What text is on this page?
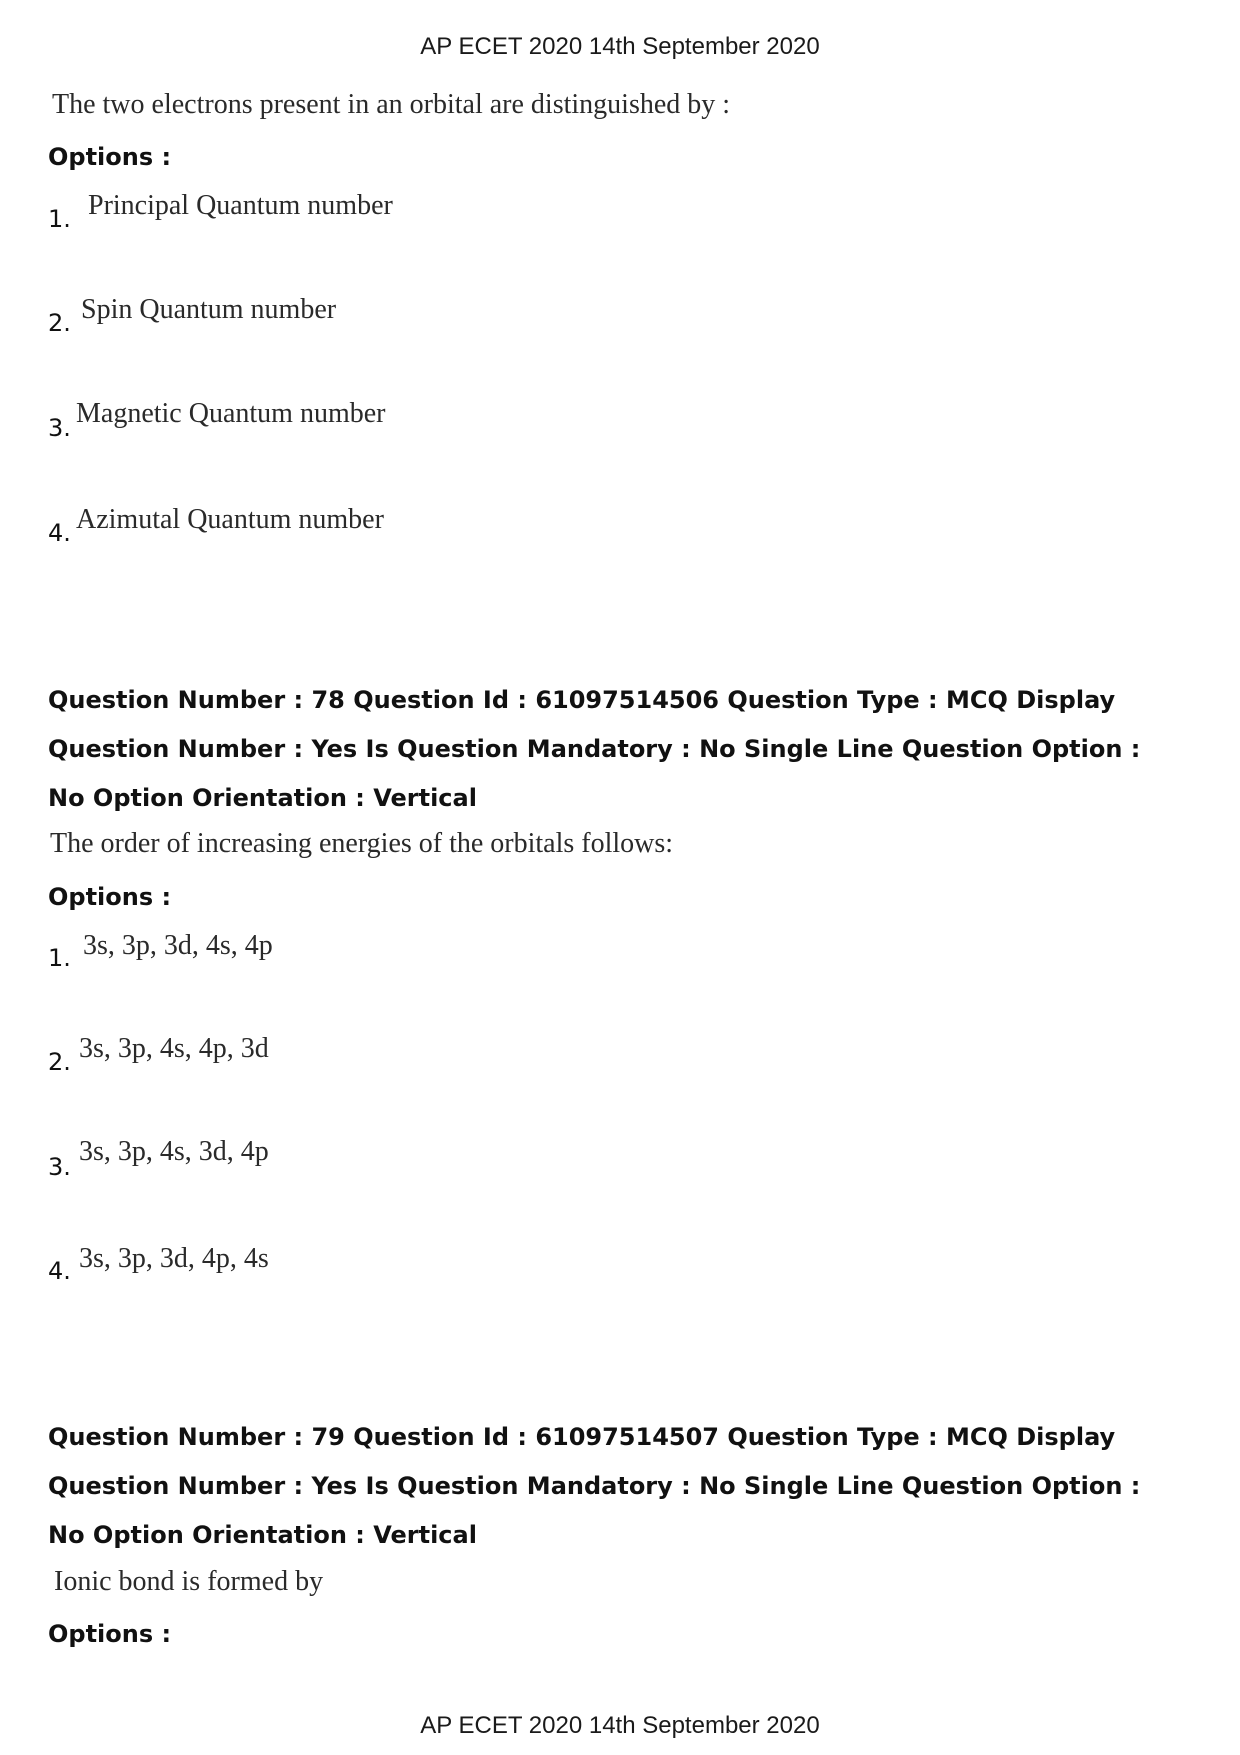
AP ECET 2020 14th September 2020
The two electrons present in an orbital are distinguished by :
Options :
1. Principal Quantum number
2. Spin Quantum number
3. Magnetic Quantum number
4. Azimutal Quantum number
Question Number : 78 Question Id : 61097514506 Question Type : MCQ Display Question Number : Yes Is Question Mandatory : No Single Line Question Option : No Option Orientation : Vertical
The order of increasing energies of the orbitals follows:
Options :
1. 3s, 3p, 3d, 4s, 4p
2. 3s, 3p, 4s, 4p, 3d
3. 3s, 3p, 4s, 3d, 4p
4. 3s, 3p, 3d, 4p, 4s
Question Number : 79 Question Id : 61097514507 Question Type : MCQ Display Question Number : Yes Is Question Mandatory : No Single Line Question Option : No Option Orientation : Vertical
Ionic bond is formed by
Options :
AP ECET 2020 14th September 2020
